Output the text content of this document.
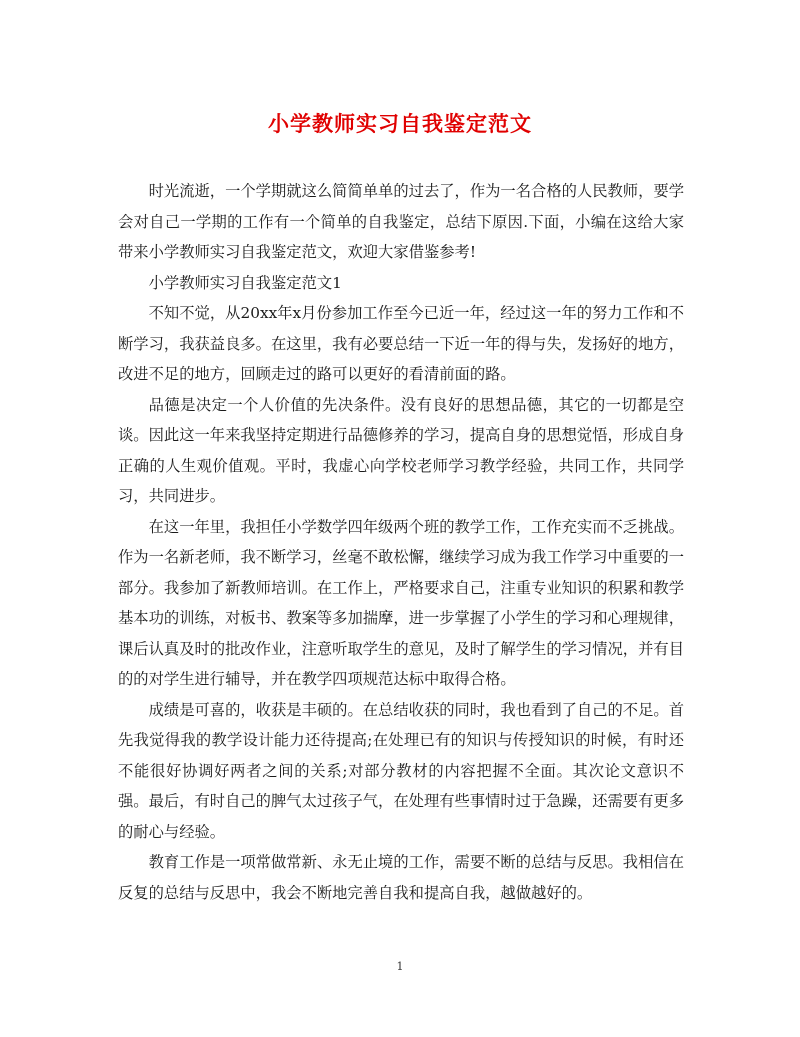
小学教师实习自我鉴定范文

时光流逝，一个学期就这么简简单单的过去了，作为一名合格的人民教师，要学会对自己一学期的工作有一个简单的自我鉴定，总结下原因.下面，小编在这给大家带来小学教师实习自我鉴定范文，欢迎大家借鉴参考!

小学教师实习自我鉴定范文1

不知不觉，从20xx年x月份参加工作至今已近一年，经过这一年的努力工作和不断学习，我获益良多。在这里，我有必要总结一下近一年的得与失，发扬好的地方，改进不足的地方，回顾走过的路可以更好的看清前面的路。

品德是决定一个人价值的先决条件。没有良好的思想品德，其它的一切都是空谈。因此这一年来我坚持定期进行品德修养的学习，提高自身的思想觉悟，形成自身正确的人生观价值观。平时，我虚心向学校老师学习教学经验，共同工作，共同学习，共同进步。

在这一年里，我担任小学数学四年级两个班的教学工作，工作充实而不乏挑战。作为一名新老师，我不断学习，丝毫不敢松懈，继续学习成为我工作学习中重要的一部分。我参加了新教师培训。在工作上，严格要求自己，注重专业知识的积累和教学基本功的训练，对板书、教案等多加揣摩，进一步掌握了小学生的学习和心理规律，课后认真及时的批改作业，注意听取学生的意见，及时了解学生的学习情况，并有目的的对学生进行辅导，并在教学四项规范达标中取得合格。

成绩是可喜的，收获是丰硕的。在总结收获的同时，我也看到了自己的不足。首先我觉得我的教学设计能力还待提高;在处理已有的知识与传授知识的时候，有时还不能很好协调好两者之间的关系;对部分教材的内容把握不全面。其次论文意识不强。最后，有时自己的脾气太过孩子气，在处理有些事情时过于急躁，还需要有更多的耐心与经验。

教育工作是一项常做常新、永无止境的工作，需要不断的总结与反思。我相信在反复的总结与反思中，我会不断地完善自我和提高自我，越做越好的。

1
